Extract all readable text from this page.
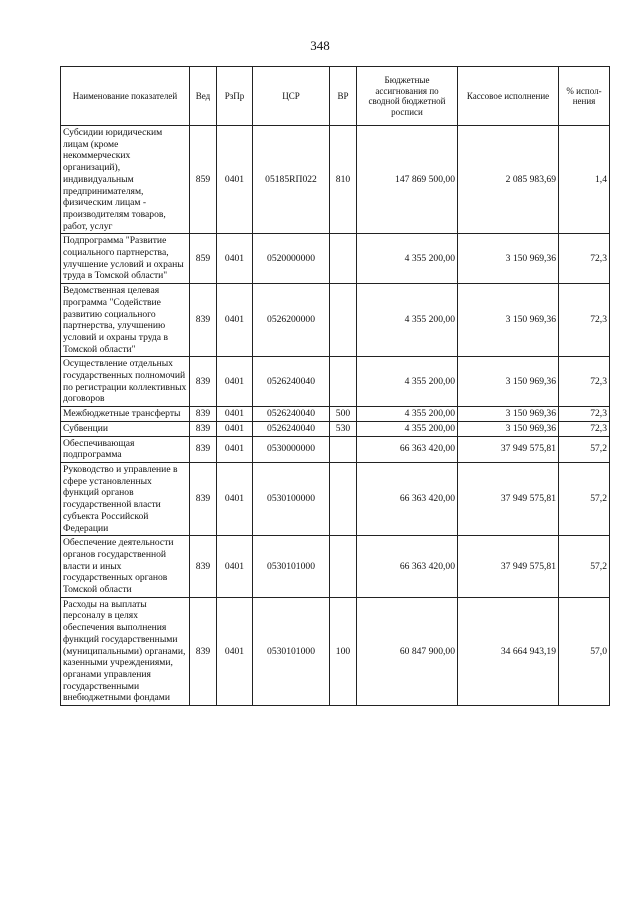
348
Наименование показателей	Вед	РзПр	ЦСР	ВР	Бюджетные ассигнования по сводной бюджетной росписи	Кассовое исполнение	% испол-нения
Субсидии юридическим лицам (кроме некоммерческих организаций), индивидуальным предпринимателям, физическим лицам - производителям товаров, работ, услуг	859	0401	05185RП022	810	147 869 500,00	2 085 983,69	1,4
Подпрограмма "Развитие социального партнерства, улучшение условий и охраны труда в Томской области"	859	0401	0520000000		4 355 200,00	3 150 969,36	72,3
Ведомственная целевая программа "Содействие развитию социального партнерства, улучшению условий и охраны труда в Томской области"	839	0401	0526200000		4 355 200,00	3 150 969,36	72,3
Осуществление отдельных государственных полномочий по регистрации коллективных договоров	839	0401	0526240040		4 355 200,00	3 150 969,36	72,3
Межбюджетные трансферты	839	0401	0526240040	500	4 355 200,00	3 150 969,36	72,3
Субвенции	839	0401	0526240040	530	4 355 200,00	3 150 969,36	72,3
Обеспечивающая подпрограмма	839	0401	0530000000		66 363 420,00	37 949 575,81	57,2
Руководство и управление в сфере установленных функций органов государственной власти субъекта Российской Федерации	839	0401	0530100000		66 363 420,00	37 949 575,81	57,2
Обеспечение деятельности органов государственной власти и иных государственных органов Томской области	839	0401	0530101000		66 363 420,00	37 949 575,81	57,2
Расходы на выплаты персоналу в целях обеспечения выполнения функций государственными (муниципальными) органами, казенными учреждениями, органами управления государственными внебюджетными фондами	839	0401	0530101000	100	60 847 900,00	34 664 943,19	57,0
